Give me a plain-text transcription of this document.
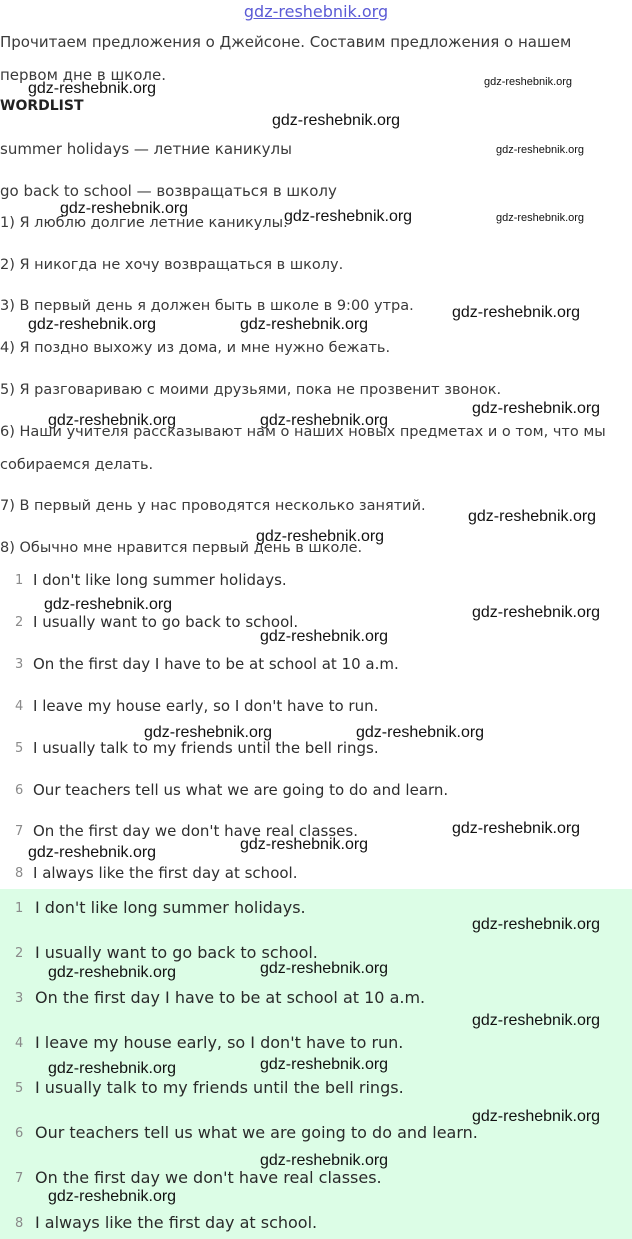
gdz-reshebnik.org
Прочитаем предложения о Джейсоне. Составим предложения о нашем
первом дне в школе.
WORDLIST
summer holidays — летние каникулы
go back to school — возвращаться в школу
1) Я люблю долгие летние каникулы.
2) Я никогда не хочу возвращаться в школу.
3) В первый день я должен быть в школе в 9:00 утра.
4) Я поздно выхожу из дома, и мне нужно бежать.
5) Я разговариваю с моими друзьями, пока не прозвенит звонок.
6) Наши учителя рассказывают нам о наших новых предметах и о том, что мы
собираемся делать.
7) В первый день у нас проводятся несколько занятий.
8) Обычно мне нравится первый день в школе.
1 I don't like long summer holidays.
2 I usually want to go back to school.
3 On the first day I have to be at school at 10 a.m.
4 I leave my house early, so I don't have to run.
5 I usually talk to my friends until the bell rings.
6 Our teachers tell us what we are going to do and learn.
7 On the first day we don't have real classes.
8 I always like the first day at school.
1 I don't like long summer holidays.
2 I usually want to go back to school.
3 On the first day I have to be at school at 10 a.m.
4 I leave my house early, so I don't have to run.
5 I usually talk to my friends until the bell rings.
6 Our teachers tell us what we are going to do and learn.
7 On the first day we don't have real classes.
8 I always like the first day at school.
gdz-reshebnik.org	gdz-reshebnik.org
gdz-reshebnik.org
gdz-reshebnik.org
gdz-reshebnik.org	gdz-reshebnik.org	gdz-reshebnik.org
gdz-reshebnik.org
gdz-reshebnik.org	gdz-reshebnik.org
gdz-reshebnik.org
gdz-reshebnik.org	gdz-reshebnik.org
gdz-reshebnik.org
gdz-reshebnik.org
gdz-reshebnik.org	gdz-reshebnik.org
gdz-reshebnik.org
gdz-reshebnik.org	gdz-reshebnik.org
gdz-reshebnik.org
gdz-reshebnik.org
gdz-reshebnik.org
gdz-reshebnik.org
gdz-reshebnik.org
gdz-reshebnik.org
gdz-reshebnik.org
gdz-reshebnik.org
gdz-reshebnik.org
gdz-reshebnik.org
gdz-reshebnik.org
gdz-reshebnik.org
